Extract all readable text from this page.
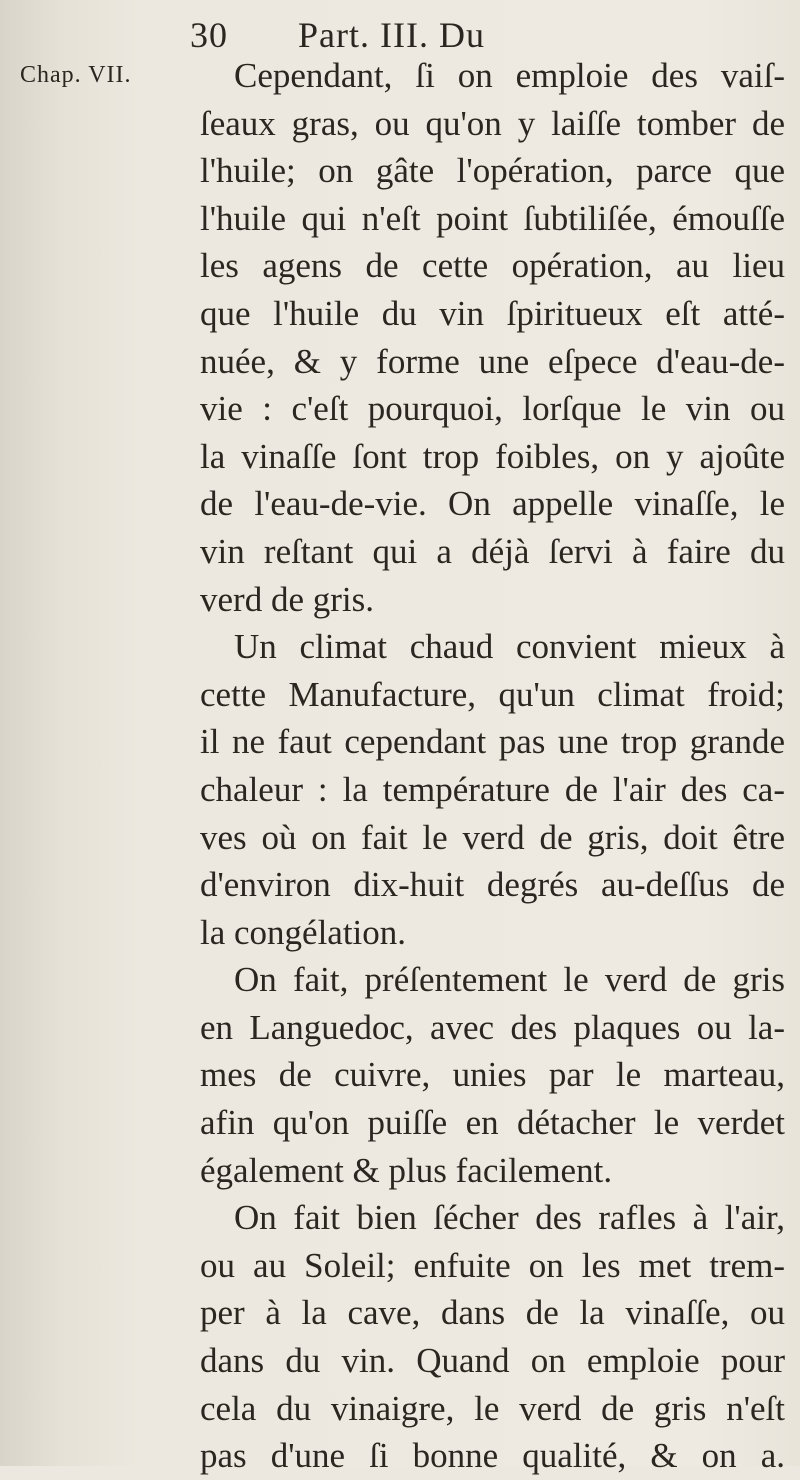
30 Part. III. Du
Chap. VII.	Cependant, ſi on emploie des vaiſ-
ſeaux gras, ou qu'on y laiſſe tomber de
l'huile; on gâte l'opération, parce que
l'huile qui n'eſt point ſubtiliſée, émouſſe
les agens de cette opération, au lieu
que l'huile du vin ſpiritueux eſt atté-
nuée, & y forme une eſpece d'eau-de-
vie : c'eſt pourquoi, lorſque le vin ou
la vinaſſe ſont trop foibles, on y ajoûte
de l'eau-de-vie. On appelle vinaſſe, le
vin reſtant qui a déjà ſervi à faire du
verd de gris.
Un climat chaud convient mieux à
cette Manufacture, qu'un climat froid;
il ne faut cependant pas une trop grande
chaleur : la température de l'air des ca-
ves où on fait le verd de gris, doit être
d'environ dix-huit degrés au-deſſus de
la congélation.
On fait, préſentement le verd de gris
en Languedoc, avec des plaques ou la-
mes de cuivre, unies par le marteau,
afin qu'on puiſſe en détacher le verdet
également & plus facilement.
On fait bien ſécher des rafles à l'air,
ou au Soleil; enfuite on les met trem-
per à la cave, dans de la vinaſſe, ou
dans du vin. Quand on emploie pour
cela du vinaigre, le verd de gris n'eſt
pas d'une ſi bonne qualité, & on a.
